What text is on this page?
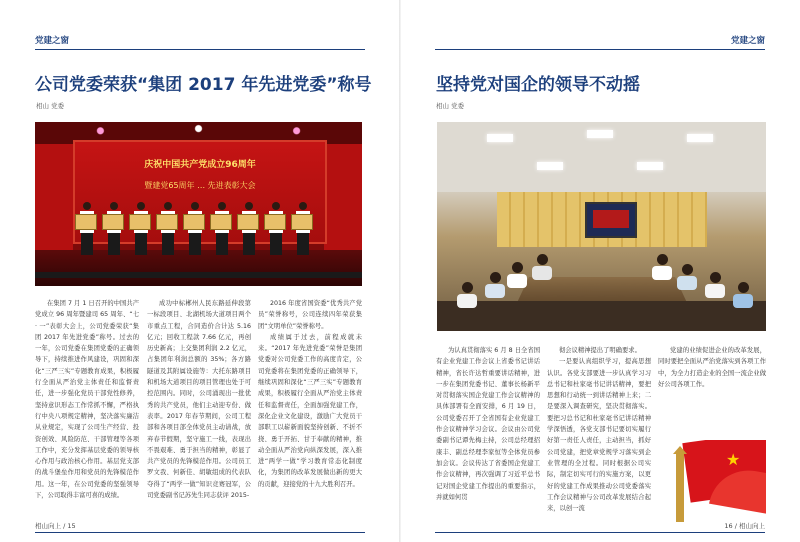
党建之窗
公司党委荣获“集团 2017 年先进党委”称号
相山 党委
庆祝中国共产党成立96周年
暨建党65周年 … 先进表彰大会

在集团 7 月 1 日召开的中国共产党成立 96 周年暨建司 65 周年、“七 · 一”表彰大会上，公司党委荣获“集团 2017 年先进党委”称号。过去的一年，公司党委在集团党委的正确领导下，持续推进作风建设，巩固和深化“三严三实”专题教育成果，积极履行全面从严治党主体责任和监督责任，进一步强化党员干部党性修养，坚持意识形态工作常抓不懈，严格执行中央八项规定精神，坚决落实廉洁从业规定，实现了公司生产经营、投资创效、风险防范、干部管理等各项工作中，充分发挥基层党委的领导核心作用与政治核心作用。基层党支部的战斗堡垒作用和党员的先锋模范作用。这一年，在公司党委的坚强领导下，公司取得丰富可喜的成绩。

成功中标郴州人民东路延伸段第一标段项目、北湖机场大道项目两个市重点工程，合同造价合计达 5.16 亿元；回收工程款 7.66 亿元，再创历史新高；上交集团利润 2.2 亿元，占集团年利润总额的 35%；各方路隧道及其附属设施等：大托东路项目和机场大道项目的项目管理也处于可控范围内。同时，公司涌现出一批优秀的共产党员，他们主动迎专份、做表率。2017 年春节期间，公司工程部和各项目部全体党员主动请战，放弃春节假期，坚守施工一线，表现出不畏艰难、勇于担当的精神，彰显了共产党员的先锋模范作用。公司员工罗文我、何新佳、胡敏组成的代表队夺得了“两学一做”知识竞赛冠军，公司党委副书记苏先生同志获评 2015-

2016 年度省国资委“优秀共产党员”荣誉称号，公司连续四年荣获集团“文明单位”荣誉称号。

成绩属于过去，前程成就未来。“2017 年先进党委”荣誉是集团党委对公司党委工作的高度肯定，公司党委将在集团党委的正确领导下，继续巩固和深化“三严三实”专题教育成果，积极履行全面从严治党主体责任和监督责任，全面加强党建工作，深化企业文化建设，激励广大党员干部职工以崭新面貌坚持创新、不折不挠、勇于开拓、甘于奉献的精神，推动全面从严治党向纵深发展，深入推进“两学一做”学习教育常态化制度化，为集团的改革发展做出新的更大的贡献，迎接党的十九大胜利召开。

相山向上 / 15
党建之窗
坚持党对国企的领导不动摇
相山 党委

为认真贯彻落实 6 月 8 日全省国有企业党建工作会议上省委书记讲话精神，省长许达哲重要讲话精神，进一步在集团党委书记、董事长杨新平对贯彻落实国企党建工作会议精神的具体部署有全面安排，6 月 19 日，公司党委召开了全省国有企业党建工作会议精神学习会议。会议由公司党委副书记谭先梅主持，公司总经理招康丰、副总经理李家恒等全体党员参加会议。会议传达了省委国企党建工作会议精神，再次强调了习近平总书记对国企党建工作提出的重要指示，并就如何贯

彻会议精神提出了明确要求。

一是要认真组织学习，提高思想认识。各党支部要进一步认真学习习总书记和杜家毫书记讲话精神，要把思想和行动统一到讲话精神上来；二是要深入调查研究，坚决贯彻落实。要把习总书记和杜家毫书记讲话精神学深悟透，各党支部书记要切实履行好第一责任人责任，主动担当，抓好公司党建，把党章党规学习落实到企业管理的全过程。同时根据公司实际，制定切实可行的实施方案，以更好的党建工作成果推动公司党委落实工作会议精神与公司改革发展结合起来，以创一流

党建的业绩促进企业的改革发展，同时要把全面从严治党落实到各项工作中，为全力打造企业的全国一流企业做好公司各项工作。

★
16 / 相山向上
